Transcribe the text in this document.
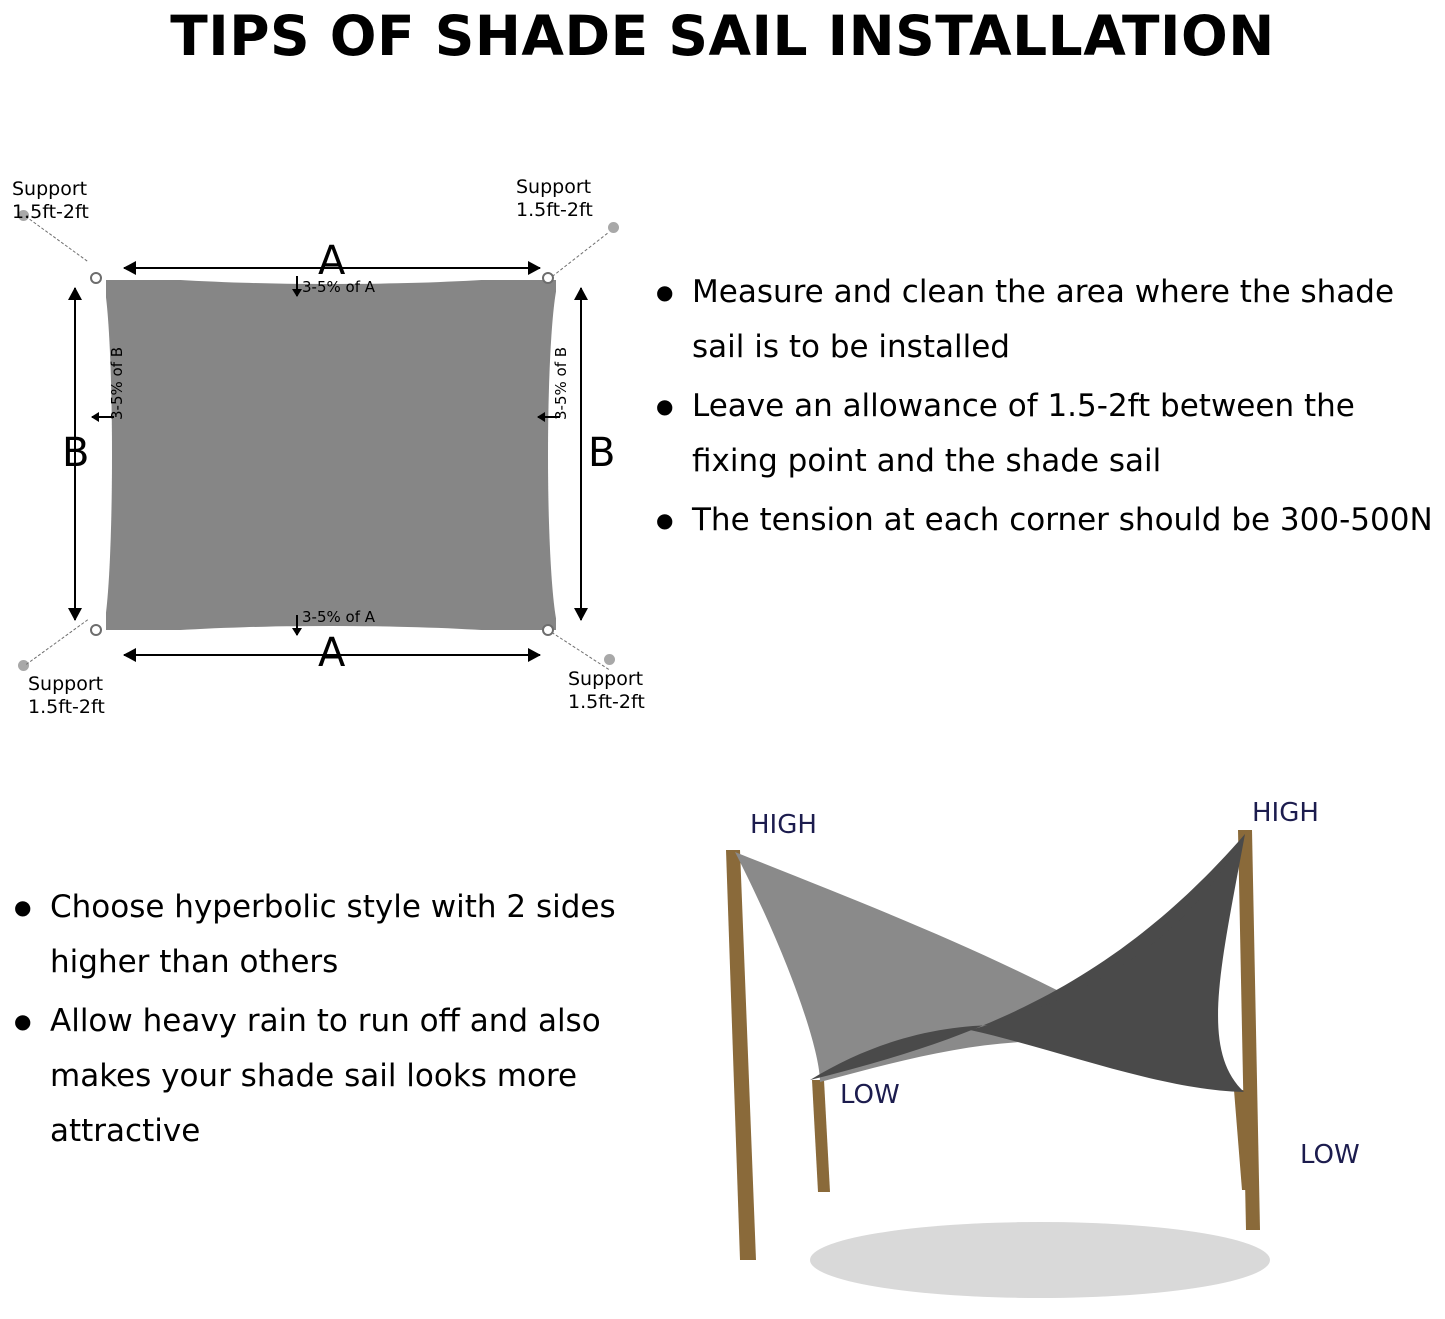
TIPS OF SHADE SAIL INSTALLATION
Support
1.5ft-2ft
Support
1.5ft-2ft
Support
1.5ft-2ft
Support
1.5ft-2ft
A
A
B	B
3-5% of A
3-5% of A
3-5% of B	3-5% of B
● Measure and clean the area where the shade sail is to be installed
● Leave an allowance of 1.5-2ft between the fixing point and the shade sail
● The tension at each corner should be 300-500N
● Choose hyperbolic style with 2 sides higher than others
● Allow heavy rain to run off and also makes your shade sail looks more attractive
HIGH	HIGH
LOW
LOW
